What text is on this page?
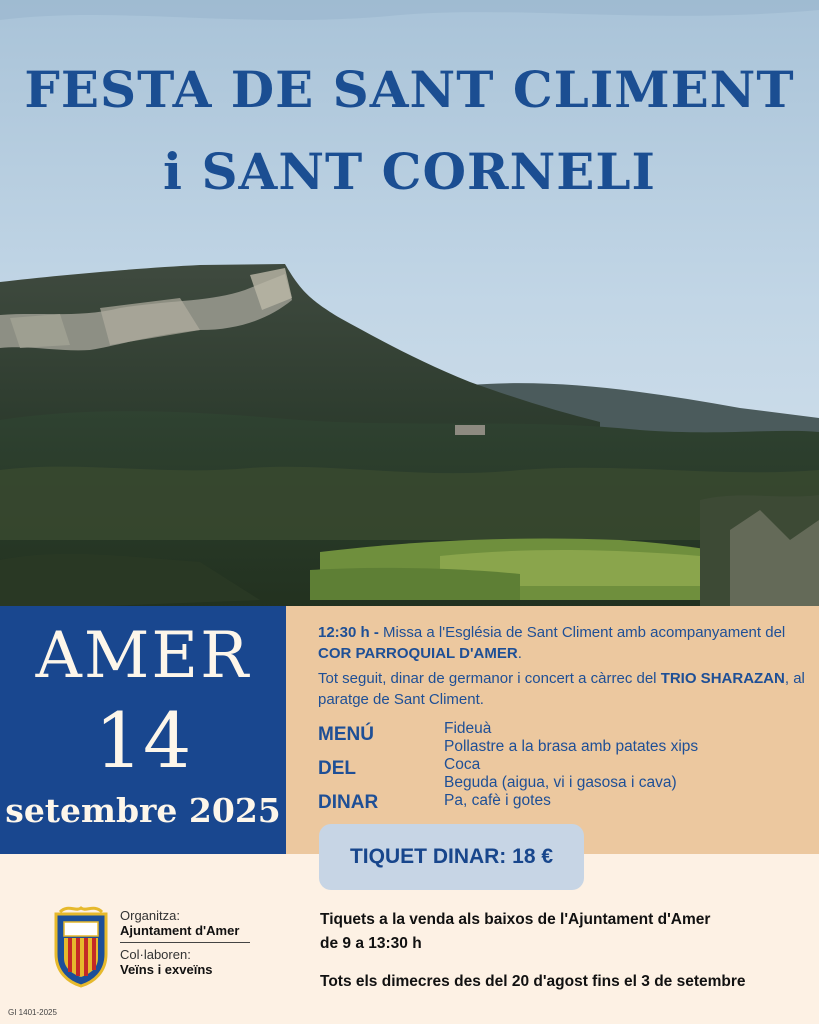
FESTA DE SANT CLIMENT
i SANT CORNELI
AMER
14
setembre 2025
12:30 h - Missa a l'Església de Sant Climent amb acompanyament del COR PARROQUIAL D'AMER.
Tot seguit, dinar de germanor i concert a càrrec del TRIO SHARAZAN, al paratge de Sant Climent.
MENÚ
DEL
DINAR
Fideuà
Pollastre a la brasa amb patates xips
Coca
Beguda (aigua, vi i gasosa i cava)
Pa, cafè i gotes
TIQUET DINAR: 18 €
Organitza:
Ajuntament d'Amer
Col·laboren:
Veïns i exveïns
Tiquets a la venda als baixos de l'Ajuntament d'Amer
de 9 a 13:30 h
Tots els dimecres des del 20 d'agost fins el 3 de setembre
GI 1401-2025
